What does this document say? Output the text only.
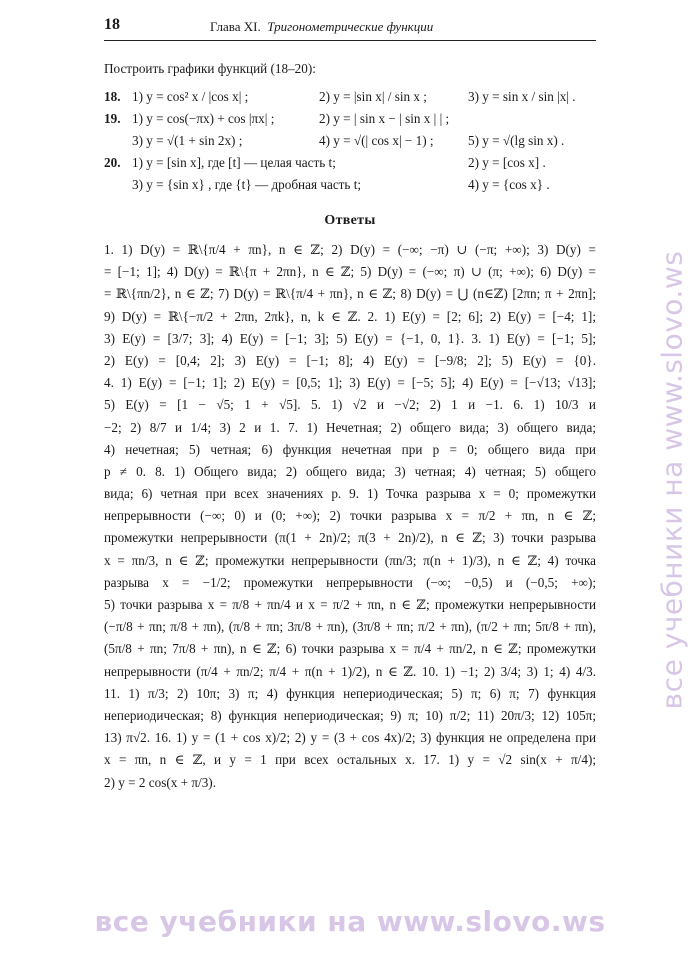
18	Глава XI. Тригонометрические функции
Построить графики функций (18–20):
18. 1) y = cos² x / |cos x| ;	2) y = |sin x| / sin x ;	3) y = sin x / sin |x| .
19. 1) y = cos(−πx) + cos |πx| ;	2) y = | sin x − | sin x | | ;
3) y = √(1 + sin 2x) ;	4) y = √(| cos x| − 1) ;	5) y = √(lg sin x) .
20. 1) y = [sin x], где [t] — целая часть t;	2) y = [cos x] .
3) y = {sin x} , где {t} — дробная часть t;	4) y = {cos x} .
Ответы
1. 1) D(y) = ℝ\{π/4 + πn}, n ∈ ℤ; 2) D(y) = (−∞; −π) ∪ (−π; +∞); 3) D(y) =
= [−1; 1]; 4) D(y) = ℝ\{π + 2πn}, n ∈ ℤ; 5) D(y) = (−∞; π) ∪ (π; +∞); 6) D(y) =
= ℝ\{πn/2}, n ∈ ℤ; 7) D(y) = ℝ\{π/4 + πn}, n ∈ ℤ; 8) D(y) = ⋃ (n∈ℤ) [2πn; π + 2πn];
9) D(y) = ℝ\{−π/2 + 2πn, 2πk}, n, k ∈ ℤ. 2. 1) E(y) = [2; 6]; 2) E(y) = [−4; 1];
3) E(y) = [3/7; 3]; 4) E(y) = [−1; 3]; 5) E(y) = {−1, 0, 1}. 3. 1) E(y) = [−1; 5];
2) E(y) = [0,4; 2]; 3) E(y) = [−1; 8]; 4) E(y) = [−9/8; 2]; 5) E(y) = {0}.
4. 1) E(y) = [−1; 1]; 2) E(y) = [0,5; 1]; 3) E(y) = [−5; 5]; 4) E(y) = [−√13; √13];
5) E(y) = [1 − √5; 1 + √5]. 5. 1) √2 и −√2; 2) 1 и −1. 6. 1) 10/3 и
−2; 2) 8/7 и 1/4; 3) 2 и 1. 7. 1) Нечетная; 2) общего вида; 3) общего вида;
4) нечетная; 5) четная; 6) функция нечетная при p = 0; общего вида при
p ≠ 0. 8. 1) Общего вида; 2) общего вида; 3) четная; 4) четная; 5) общего
вида; 6) четная при всех значениях p. 9. 1) Точка разрыва x = 0; промежутки
непрерывности (−∞; 0) и (0; +∞); 2) точки разрыва x = π/2 + πn, n ∈ ℤ;
промежутки непрерывности (π(1 + 2n)/2; π(3 + 2n)/2), n ∈ ℤ; 3) точки разрыва
x = πn/3, n ∈ ℤ; промежутки непрерывности (πn/3; π(n + 1)/3), n ∈ ℤ; 4) точка
разрыва x = −1/2; промежутки непрерывности (−∞; −0,5) и (−0,5; +∞);
5) точки разрыва x = π/8 + πn/4 и x = π/2 + πn, n ∈ ℤ; промежутки непрерывности
(−π/8 + πn; π/8 + πn), (π/8 + πn; 3π/8 + πn), (3π/8 + πn; π/2 + πn), (π/2 + πn; 5π/8 + πn),
(5π/8 + πn; 7π/8 + πn), n ∈ ℤ; 6) точки разрыва x = π/4 + πn/2, n ∈ ℤ; промежутки
непрерывности (π/4 + πn/2; π/4 + π(n + 1)/2), n ∈ ℤ. 10. 1) −1; 2) 3/4; 3) 1; 4) 4/3.
11. 1) π/3; 2) 10π; 3) π; 4) функция непериодическая; 5) π; 6) π; 7) функция
непериодическая; 8) функция непериодическая; 9) π; 10) π/2; 11) 20π/3; 12) 105π;
13) π√2. 16. 1) y = (1 + cos x)/2; 2) y = (3 + cos 4x)/2; 3) функция не определена при
x = πn, n ∈ ℤ, и y = 1 при всех остальных x. 17. 1) y = √2 sin(x + π/4);
2) y = 2 cos(x + π/3).
все учебники на www.slovo.ws
все учебники на www.slovo.ws
